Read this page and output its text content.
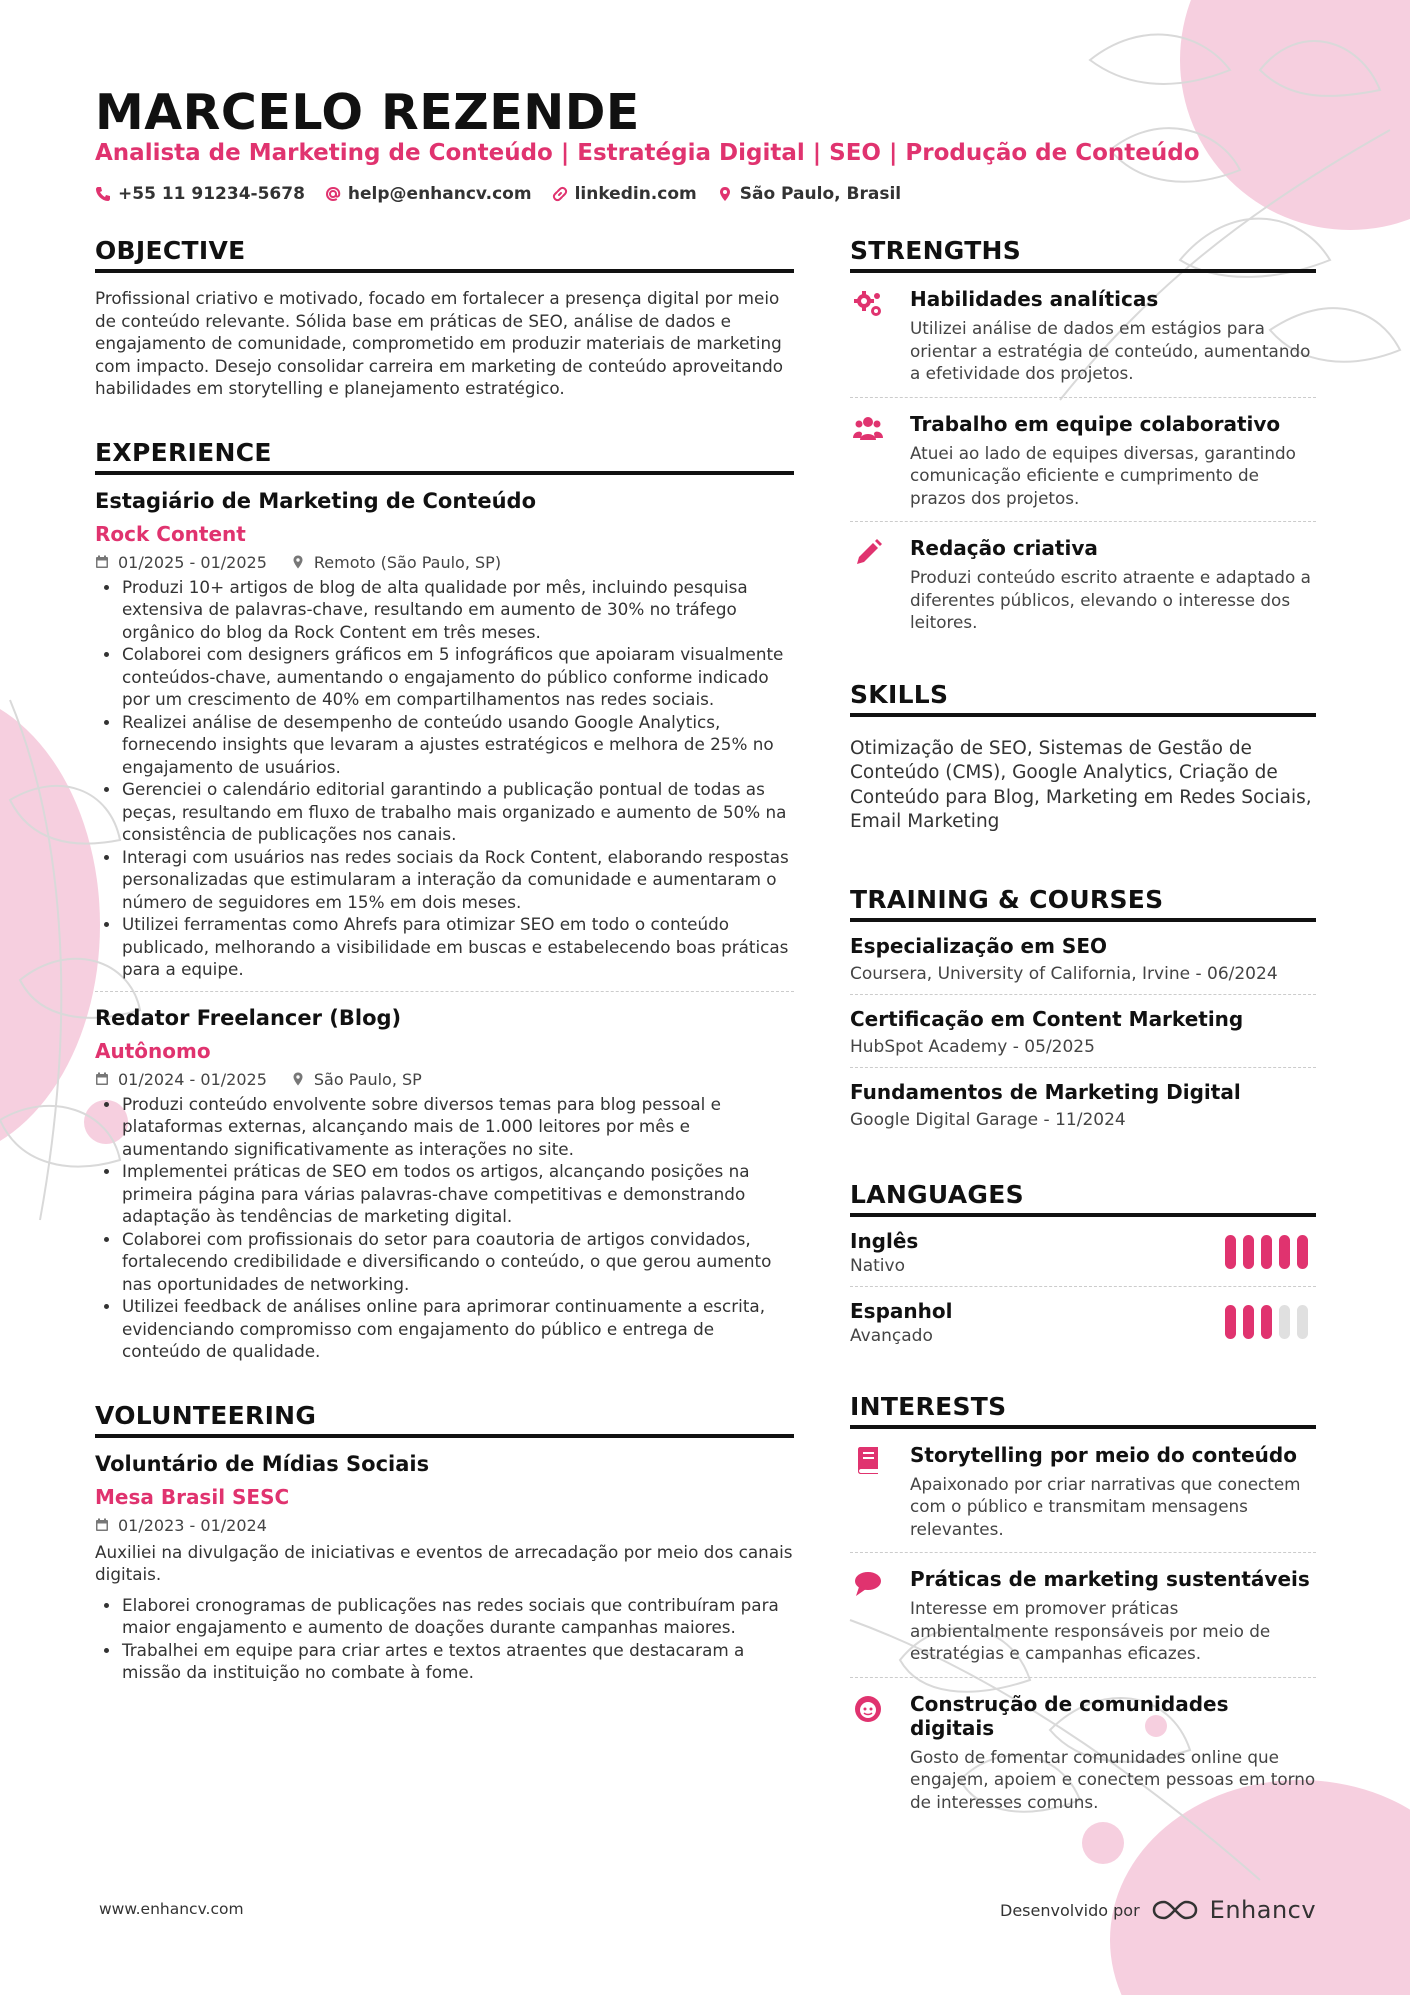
MARCELO REZENDE
Analista de Marketing de Conteúdo | Estratégia Digital | SEO | Produção de Conteúdo
+55 11 91234-5678	help@enhancv.com	linkedin.com	São Paulo, Brasil
OBJECTIVE

Profissional criativo e motivado, focado em fortalecer a presença digital por meio de conteúdo relevante. Sólida base em práticas de SEO, análise de dados e engajamento de comunidade, comprometido em produzir materiais de marketing com impacto. Desejo consolidar carreira em marketing de conteúdo aproveitando habilidades em storytelling e planejamento estratégico.

EXPERIENCE
Estagiário de Marketing de Conteúdo
Rock Content
01/2025 - 01/2025	Remoto (São Paulo, SP)
Produzi 10+ artigos de blog de alta qualidade por mês, incluindo pesquisa extensiva de palavras-chave, resultando em aumento de 30% no tráfego orgânico do blog da Rock Content em três meses.
Colaborei com designers gráficos em 5 infográficos que apoiaram visualmente conteúdos-chave, aumentando o engajamento do público conforme indicado por um crescimento de 40% em compartilhamentos nas redes sociais.
Realizei análise de desempenho de conteúdo usando Google Analytics, fornecendo insights que levaram a ajustes estratégicos e melhora de 25% no engajamento de usuários.
Gerenciei o calendário editorial garantindo a publicação pontual de todas as peças, resultando em fluxo de trabalho mais organizado e aumento de 50% na consistência de publicações nos canais.
Interagi com usuários nas redes sociais da Rock Content, elaborando respostas personalizadas que estimularam a interação da comunidade e aumentaram o número de seguidores em 15% em dois meses.
Utilizei ferramentas como Ahrefs para otimizar SEO em todo o conteúdo publicado, melhorando a visibilidade em buscas e estabelecendo boas práticas para a equipe.
Redator Freelancer (Blog)
Autônomo
01/2024 - 01/2025	São Paulo, SP
Produzi conteúdo envolvente sobre diversos temas para blog pessoal e plataformas externas, alcançando mais de 1.000 leitores por mês e aumentando significativamente as interações no site.
Implementei práticas de SEO em todos os artigos, alcançando posições na primeira página para várias palavras-chave competitivas e demonstrando adaptação às tendências de marketing digital.
Colaborei com profissionais do setor para coautoria de artigos convidados, fortalecendo credibilidade e diversificando o conteúdo, o que gerou aumento nas oportunidades de networking.
Utilizei feedback de análises online para aprimorar continuamente a escrita, evidenciando compromisso com engajamento do público e entrega de conteúdo de qualidade.
VOLUNTEERING
Voluntário de Mídias Sociais
Mesa Brasil SESC
01/2023 - 01/2024

Auxiliei na divulgação de iniciativas e eventos de arrecadação por meio dos canais digitais.

Elaborei cronogramas de publicações nas redes sociais que contribuíram para maior engajamento e aumento de doações durante campanhas maiores.
Trabalhei em equipe para criar artes e textos atraentes que destacaram a missão da instituição no combate à fome.
STRENGTHS
Habilidades analíticas
Utilizei análise de dados em estágios para orientar a estratégia de conteúdo, aumentando a efetividade dos projetos.
Trabalho em equipe colaborativo
Atuei ao lado de equipes diversas, garantindo comunicação eficiente e cumprimento de prazos dos projetos.
Redação criativa
Produzi conteúdo escrito atraente e adaptado a diferentes públicos, elevando o interesse dos leitores.
SKILLS

Otimização de SEO, Sistemas de Gestão de Conteúdo (CMS), Google Analytics, Criação de Conteúdo para Blog, Marketing em Redes Sociais, Email Marketing

TRAINING & COURSES
Especialização em SEO
Coursera, University of California, Irvine - 06/2024
Certificação em Content Marketing
HubSpot Academy - 05/2025
Fundamentos de Marketing Digital
Google Digital Garage - 11/2024
LANGUAGES
Inglês
Nativo
Espanhol
Avançado
INTERESTS
Storytelling por meio do conteúdo
Apaixonado por criar narrativas que conectem com o público e transmitam mensagens relevantes.
Práticas de marketing sustentáveis
Interesse em promover práticas ambientalmente responsáveis por meio de estratégias e campanhas eficazes.
Construção de comunidades digitais
Gosto de fomentar comunidades online que engajem, apoiem e conectem pessoas em torno de interesses comuns.
www.enhancv.com	Desenvolvido por	Enhancv
